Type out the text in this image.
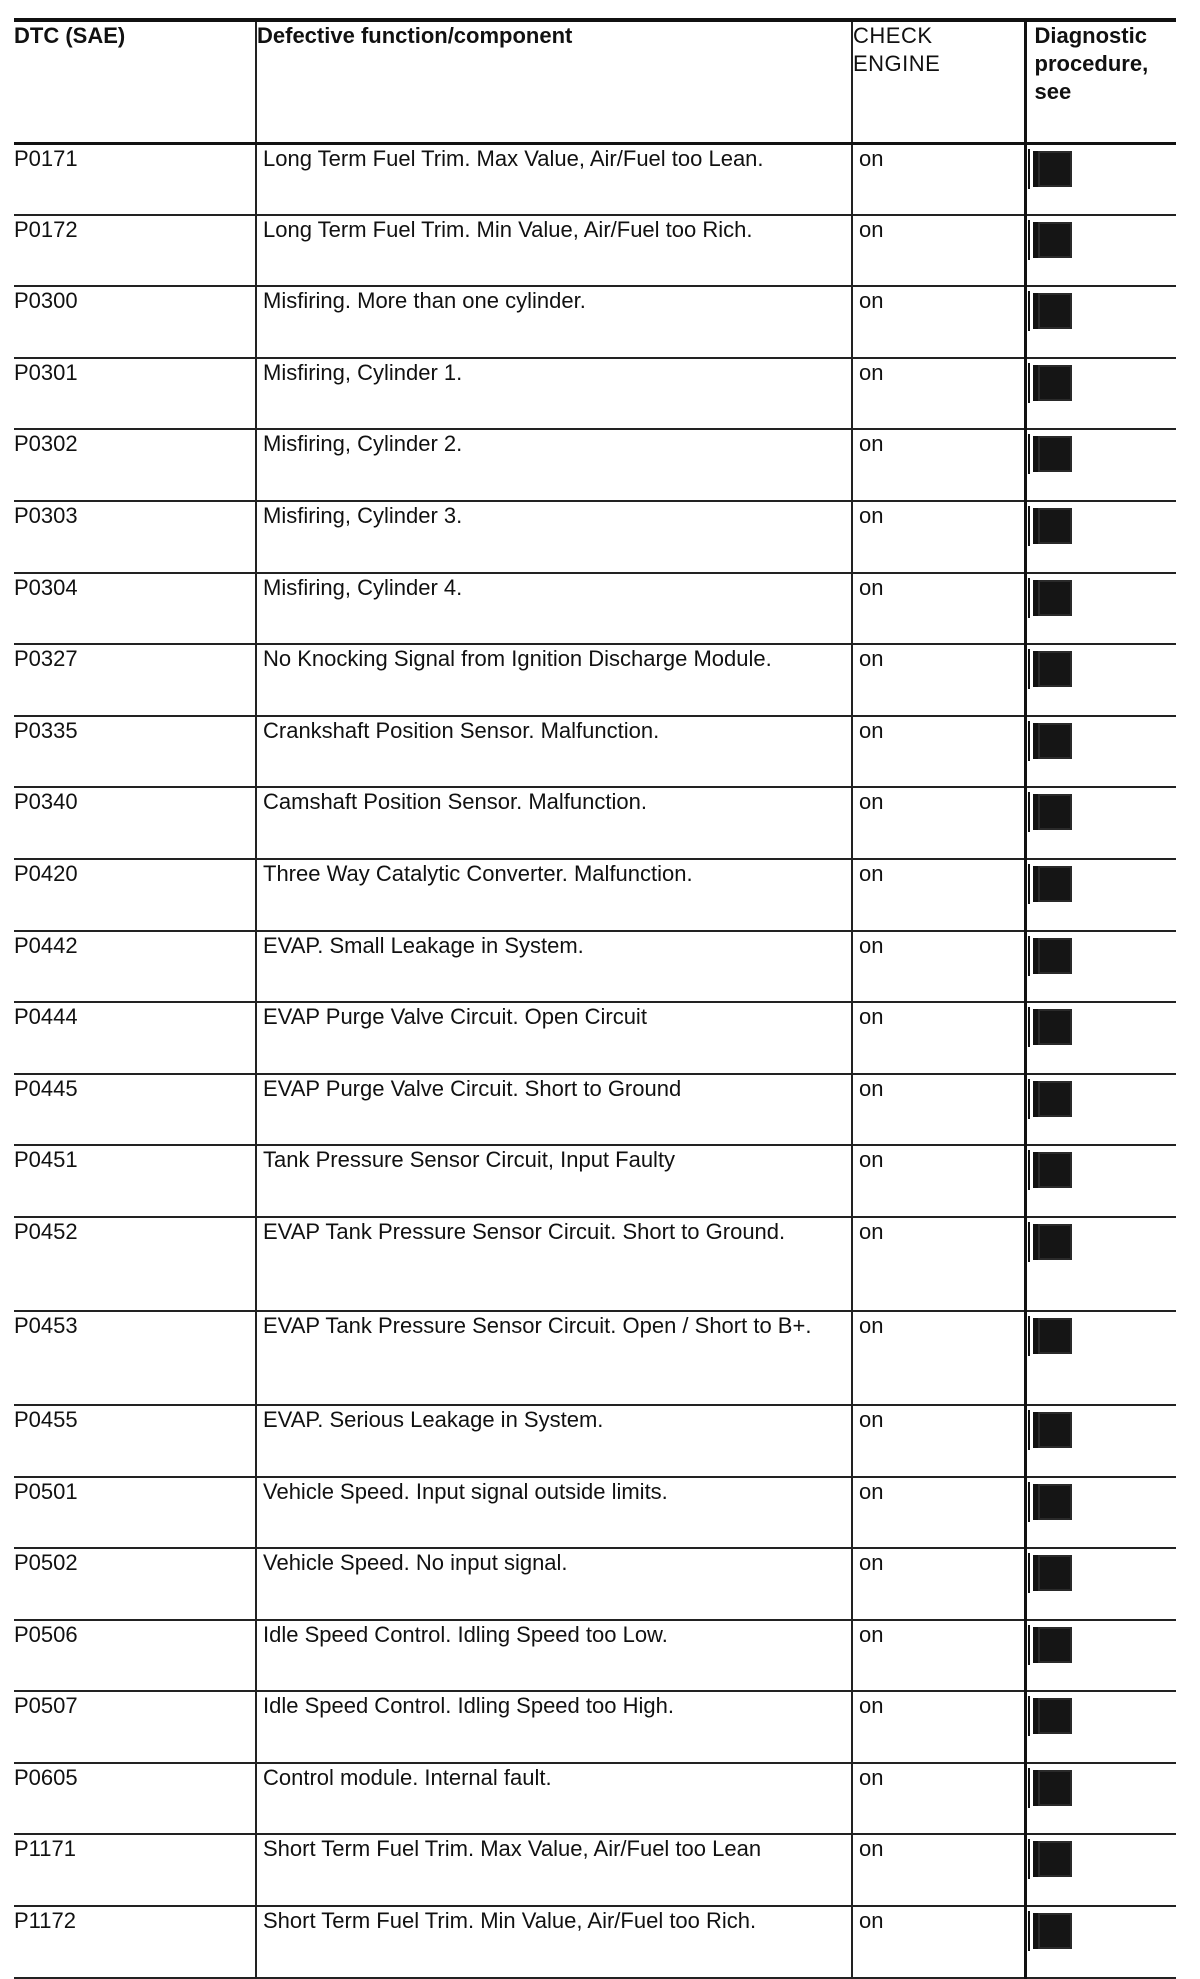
DTC (SAE)	Defective function/component	CHECK ENGINE	Diagnostic procedure, see
P0171	Long Term Fuel Trim. Max Value, Air/Fuel too Lean.	on	

P0172	Long Term Fuel Trim. Min Value, Air/Fuel too Rich.	on	

P0300	Misfiring. More than one cylinder.	on	

P0301	Misfiring, Cylinder 1.	on	

P0302	Misfiring, Cylinder 2.	on	

P0303	Misfiring, Cylinder 3.	on	

P0304	Misfiring, Cylinder 4.	on	

P0327	No Knocking Signal from Ignition Discharge Module.	on	

P0335	Crankshaft Position Sensor. Malfunction.	on	

P0340	Camshaft Position Sensor. Malfunction.	on	

P0420	Three Way Catalytic Converter. Malfunction.	on	

P0442	EVAP. Small Leakage in System.	on	

P0444	EVAP Purge Valve Circuit. Open Circuit	on	

P0445	EVAP Purge Valve Circuit. Short to Ground	on	

P0451	Tank Pressure Sensor Circuit, Input Faulty	on	

P0452	EVAP Tank Pressure Sensor Circuit. Short to Ground.	on	

P0453	EVAP Tank Pressure Sensor Circuit. Open / Short to B+.	on	

P0455	EVAP. Serious Leakage in System.	on	

P0501	Vehicle Speed. Input signal outside limits.	on	

P0502	Vehicle Speed. No input signal.	on	

P0506	Idle Speed Control. Idling Speed too Low.	on	

P0507	Idle Speed Control. Idling Speed too High.	on	

P0605	Control module. Internal fault.	on	

P1171	Short Term Fuel Trim. Max Value, Air/Fuel too Lean	on	

P1172	Short Term Fuel Trim. Min Value, Air/Fuel too Rich.	on	
